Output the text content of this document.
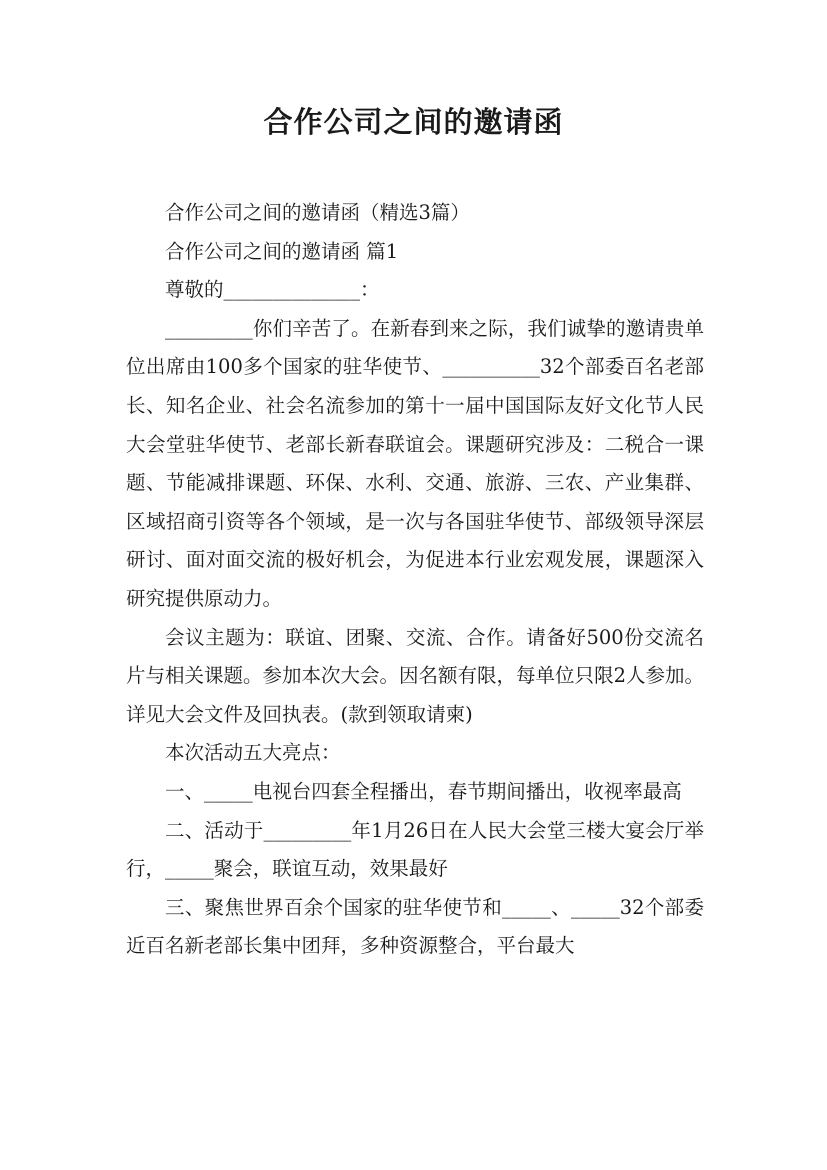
合作公司之间的邀请函

合作公司之间的邀请函（精选3篇）

合作公司之间的邀请函 篇1

尊敬的______________：

_________你们辛苦了。在新春到来之际，我们诚挚的邀请贵单位出席由100多个国家的驻华使节、__________32个部委百名老部长、知名企业、社会名流参加的第十一届中国国际友好文化节人民大会堂驻华使节、老部长新春联谊会。课题研究涉及：二税合一课题、节能减排课题、环保、水利、交通、旅游、三农、产业集群、区域招商引资等各个领域，是一次与各国驻华使节、部级领导深层研讨、面对面交流的极好机会，为促进本行业宏观发展，课题深入研究提供原动力。

会议主题为：联谊、团聚、交流、合作。请备好500份交流名片与相关课题。参加本次大会。因名额有限，每单位只限2人参加。详见大会文件及回执表。(款到领取请柬)

本次活动五大亮点：

一、_____电视台四套全程播出，春节期间播出，收视率最高

二、活动于_________年1月26日在人民大会堂三楼大宴会厅举行，_____聚会，联谊互动，效果最好

三、聚焦世界百余个国家的驻华使节和_____、_____32个部委近百名新老部长集中团拜，多种资源整合，平台最大
